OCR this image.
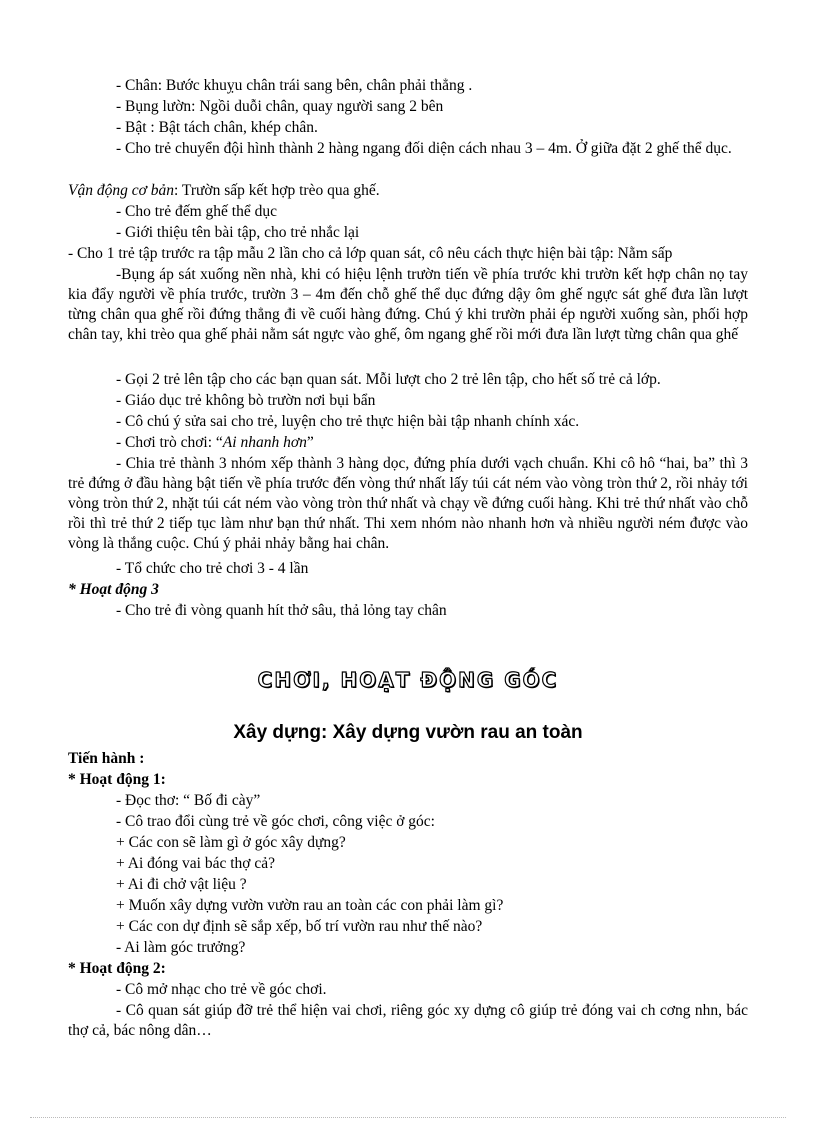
- Chân: Bước khuỵu chân trái sang bên, chân phải thẳng .
- Bụng lườn: Ngồi duỗi chân, quay người sang 2 bên
- Bật : Bật tách chân, khép chân.
- Cho trẻ chuyển đội hình thành 2 hàng ngang đối diện cách nhau 3 – 4m. Ở giữa đặt 2 ghế thể dục.
Vận động cơ bản: Trườn sấp kết hợp trèo qua ghế.
- Cho trẻ đếm ghế thể dục
- Giới thiệu tên bài tập, cho trẻ nhắc lại
- Cho 1 trẻ tập trước ra tập mẫu 2 lần cho cả lớp quan sát, cô nêu cách thực hiện bài tập: Nằm sấp
-Bụng áp sát xuống nền nhà, khi có hiệu lệnh trườn tiến về phía trước khi trườn kết hợp chân nọ tay kia đẩy người về phía trước, trườn 3 – 4m đến chỗ ghế thể dục đứng dậy ôm ghế ngực sát ghế đưa lần lượt từng chân qua ghế rồi đứng thẳng đi về cuối hàng đứng. Chú ý khi trườn phải ép người xuống sàn, phối hợp chân tay, khi trèo qua ghế phải nằm sát ngực vào ghế, ôm ngang ghế rồi mới đưa lần lượt từng chân qua ghế
- Gọi 2 trẻ lên tập cho các bạn quan sát. Mỗi lượt cho 2 trẻ lên tập, cho hết số trẻ cả lớp.
- Giáo dục trẻ không bò trườn nơi bụi bẩn
- Cô chú ý sửa sai cho trẻ, luyện cho trẻ thực hiện bài tập nhanh chính xác.
- Chơi trò chơi: “Ai nhanh hơn”
- Chia trẻ thành 3 nhóm xếp thành 3 hàng dọc, đứng phía dưới vạch chuẩn. Khi cô hô “hai, ba” thì 3 trẻ đứng ở đầu hàng bật tiến về phía trước đến vòng thứ nhất lấy túi cát ném vào vòng tròn thứ 2, rồi nhảy tới vòng tròn thứ 2, nhặt túi cát ném vào vòng tròn thứ nhất và chạy về đứng cuối hàng. Khi trẻ thứ nhất vào chỗ rồi thì trẻ thứ 2 tiếp tục làm như bạn thứ nhất. Thi xem nhóm nào nhanh hơn và nhiều người ném được vào vòng là thắng cuộc. Chú ý phải nhảy bằng hai chân.
- Tổ chức cho trẻ chơi 3 - 4 lần
* Hoạt động 3
- Cho trẻ đi vòng quanh hít thở sâu, thả lỏng tay chân
CHƠI, HOẠT ĐỘNG GÓC
Xây dựng: Xây dựng vườn rau an toàn
Tiến hành :
* Hoạt động 1:
- Đọc thơ: “ Bố đi cày”
- Cô trao đổi cùng trẻ về góc chơi, công việc ở góc:
+ Các con sẽ làm gì ở góc xây dựng?
+ Ai đóng vai bác thợ cả?
+ Ai đi chở vật liệu ?
+ Muốn xây dựng vườn vườn rau an toàn các con phải làm gì?
+ Các con dự định sẽ sắp xếp, bố trí vườn rau như thế nào?
- Ai làm góc trưởng?
* Hoạt động 2:
- Cô mở nhạc cho trẻ về góc chơi.
- Cô quan sát giúp đỡ trẻ thể hiện vai chơi, riêng góc xy dựng cô giúp trẻ đóng vai ch cơng nhn, bác thợ cả, bác nông dân…
